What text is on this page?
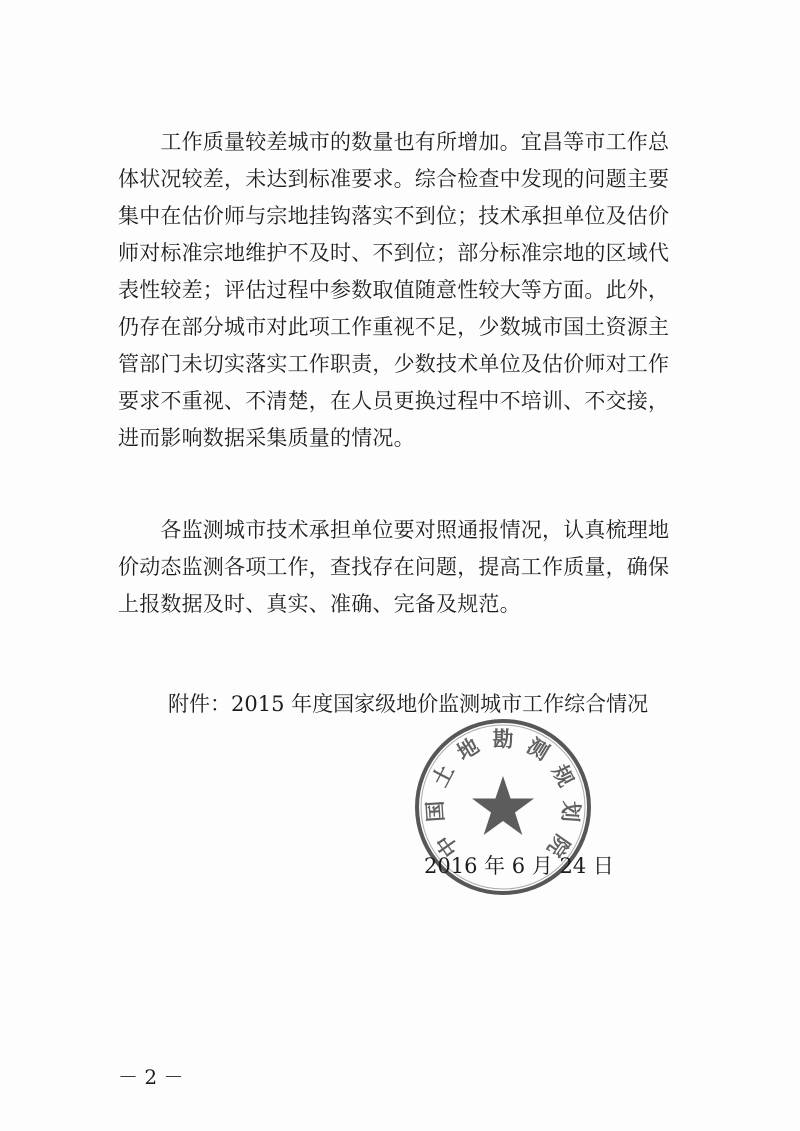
　　工作质量较差城市的数量也有所增加。宜昌等市工作总
体状况较差，未达到标准要求。综合检查中发现的问题主要
集中在估价师与宗地挂钩落实不到位；技术承担单位及估价
师对标准宗地维护不及时、不到位；部分标准宗地的区域代
表性较差；评估过程中参数取值随意性较大等方面。此外，
仍存在部分城市对此项工作重视不足，少数城市国土资源主
管部门未切实落实工作职责，少数技术单位及估价师对工作
要求不重视、不清楚，在人员更换过程中不培训、不交接，
进而影响数据采集质量的情况。
　　各监测城市技术承担单位要对照通报情况，认真梳理地
价动态监测各项工作，查找存在问题，提高工作质量，确保
上报数据及时、真实、准确、完备及规范。
附件：2015 年度国家级地价监测城市工作综合情况
中
国
土
地 勘 测
规
划
院
2016 年 6 月 24 日
－ 2 －
